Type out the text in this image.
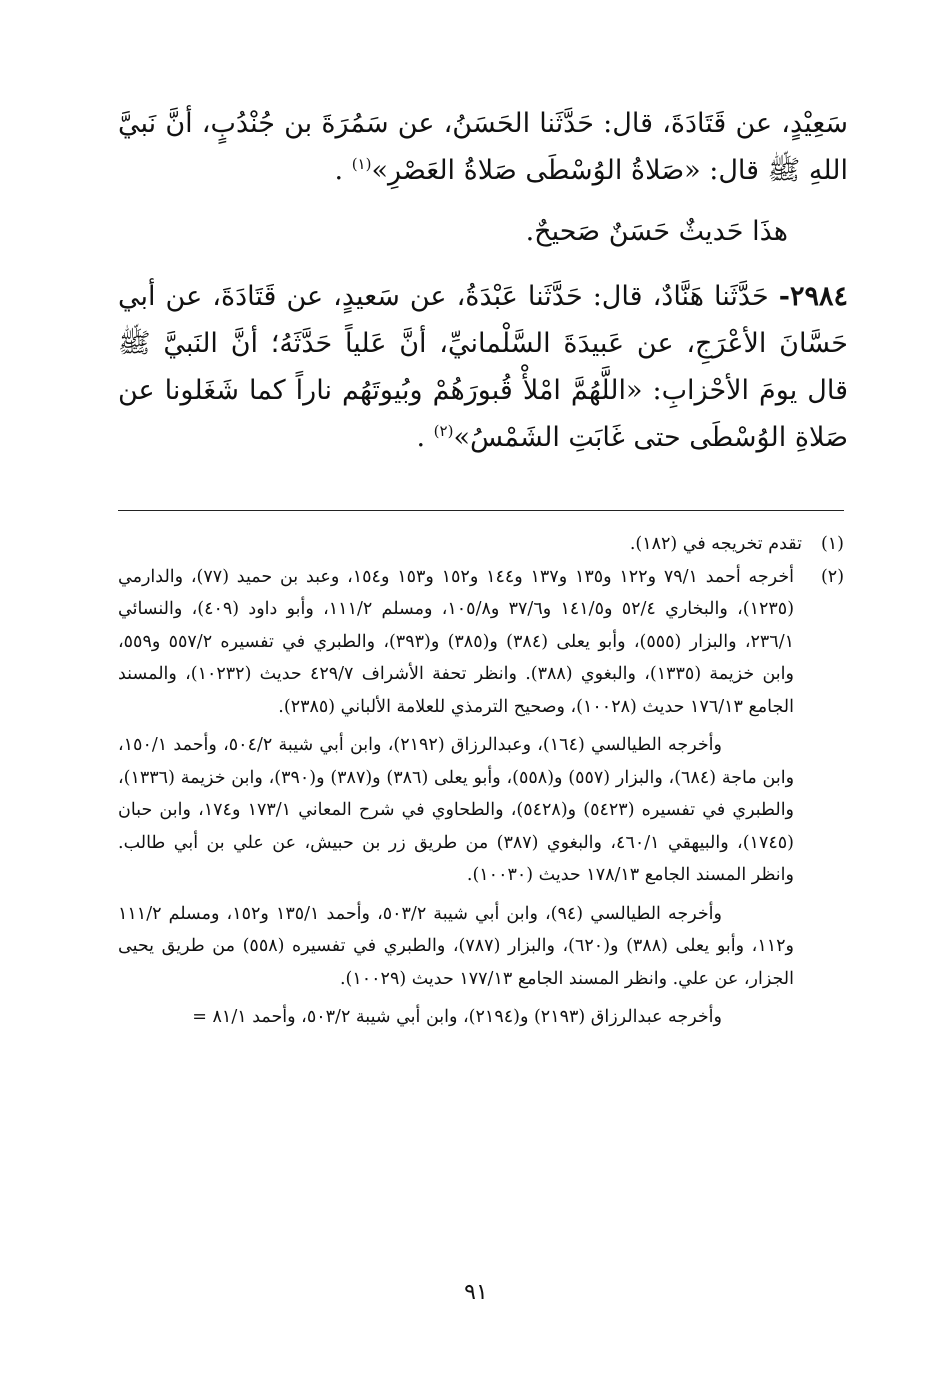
سَعِيْدٍ، عن قَتَادَةَ، قال: حَدَّثَنا الحَسَنُ، عن سَمُرَةَ بن جُنْدُبٍ، أنَّ نَبيَّ اللهِ ﷺ قال: «صَلاةُ الوُسْطَى صَلاةُ العَصْرِ»$^{(١)}$ .

هذَا حَديثٌ حَسَنٌ صَحيحٌ.

٢٩٨٤- حَدَّثَنا هَنَّادٌ، قال: حَدَّثَنا عَبْدَةُ، عن سَعيدٍ، عن قَتَادَةَ، عن أبي حَسَّانَ الأعْرَجِ، عن عَبيدَةَ السَّلْمانيِّ، أنَّ عَلياً حَدَّثَهُ؛ أنَّ النَبيَّ ﷺ قال يومَ الأحْزابِ: «اللَّهُمَّ امْلأْ قُبورَهُمْ وبُيوتَهُم ناراً كما شَغَلونا عن صَلاةِ الوُسْطَى حتى غَابَتِ الشَمْسُ»$^{(٢)}$ .

(١)تقدم تخريجه في (١٨٢).

(٢)أخرجه أحمد ٧٩/١ و١٢٢ و١٣٥ و١٣٧ و١٤٤ و١٥٢ و١٥٣ و١٥٤، وعبد بن حميد (٧٧)، والدارمي (١٢٣٥)، والبخاري ٥٢/٤ و١٤١/٥ و٣٧/٦ و١٠٥/٨، ومسلم ١١١/٢، وأبو داود (٤٠٩)، والنسائي ٢٣٦/١، والبزار (٥٥٥)، وأبو يعلى (٣٨٤) و(٣٨٥) و(٣٩٣)، والطبري في تفسيره ٥٥٧/٢ و٥٥٩، وابن خزيمة (١٣٣٥)، والبغوي (٣٨٨). وانظر تحفة الأشراف ٤٢٩/٧ حديث (١٠٢٣٢)، والمسند الجامع ١٧٦/١٣ حديث (١٠٠٢٨)، وصحيح الترمذي للعلامة الألباني (٢٣٨٥).

وأخرجه الطيالسي (١٦٤)، وعبدالرزاق (٢١٩٢)، وابن أبي شيبة ٥٠٤/٢، وأحمد ١٥٠/١، وابن ماجة (٦٨٤)، والبزار (٥٥٧) و(٥٥٨)، وأبو يعلى (٣٨٦) و(٣٨٧) و(٣٩٠)، وابن خزيمة (١٣٣٦)، والطبري في تفسيره (٥٤٢٣) و(٥٤٢٨)، والطحاوي في شرح المعاني ١٧٣/١ و١٧٤، وابن حبان (١٧٤٥)، والبيهقي ٤٦٠/١، والبغوي (٣٨٧) من طريق زر بن حبيش، عن علي بن أبي طالب. وانظر المسند الجامع ١٧٨/١٣ حديث (١٠٠٣٠).

وأخرجه الطيالسي (٩٤)، وابن أبي شيبة ٥٠٣/٢، وأحمد ١٣٥/١ و١٥٢، ومسلم ١١١/٢ و١١٢، وأبو يعلى (٣٨٨) و(٦٢٠)، والبزار (٧٨٧)، والطبري في تفسيره (٥٥٨) من طريق يحيى الجزار، عن علي. وانظر المسند الجامع ١٧٧/١٣ حديث (١٠٠٢٩).

وأخرجه عبدالرزاق (٢١٩٣) و(٢١٩٤)، وابن أبي شيبة ٥٠٣/٢، وأحمد ٨١/١ =

٩١
